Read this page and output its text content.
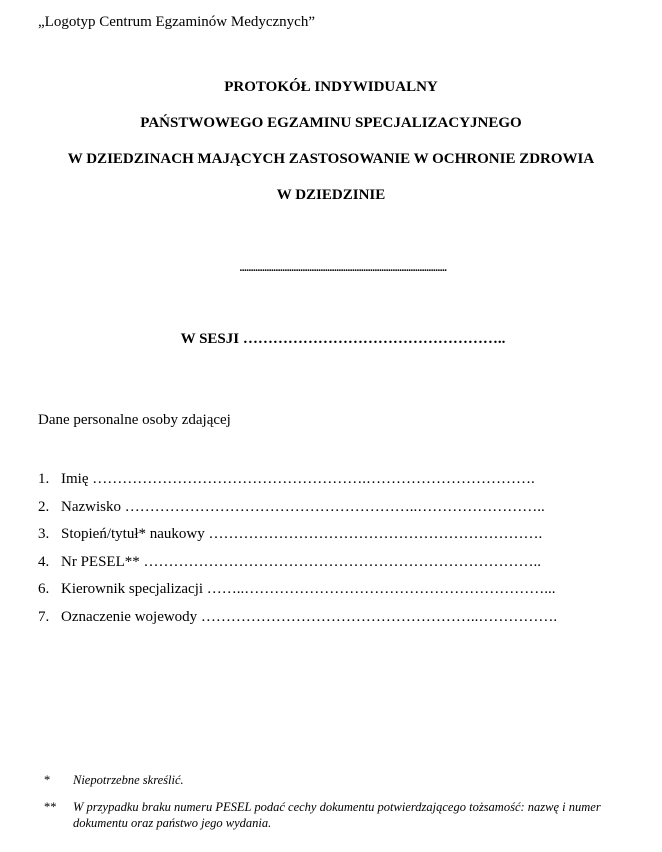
„Logotyp Centrum Egzaminów Medycznych”
PROTOKÓŁ INDYWIDUALNY
PAŃSTWOWEGO EGZAMINU SPECJALIZACYJNEGO
W DZIEDZINACH MAJĄCYCH ZASTOSOWANIE W OCHRONIE ZDROWIA
W DZIEDZINIE
............................................................................................
W SESJI ……………………………………………..
Dane personalne osoby zdającej
1. Imię ……………………………………………….…………………………….
2. Nazwisko …………………………………………………..……………………..
3. Stopień/tytuł* naukowy ………………………………………………………….
4. Nr PESEL** ……………………………………………………………………..
6. Kierownik specjalizacji ……..……………………………………………………...
7. Oznaczenie wojewody ………………………………………………..…………….
*	Niepotrzebne skreślić.
**	W przypadku braku numeru PESEL podać cechy dokumentu potwierdzającego tożsamość: nazwę i numer dokumentu oraz państwo jego wydania.
